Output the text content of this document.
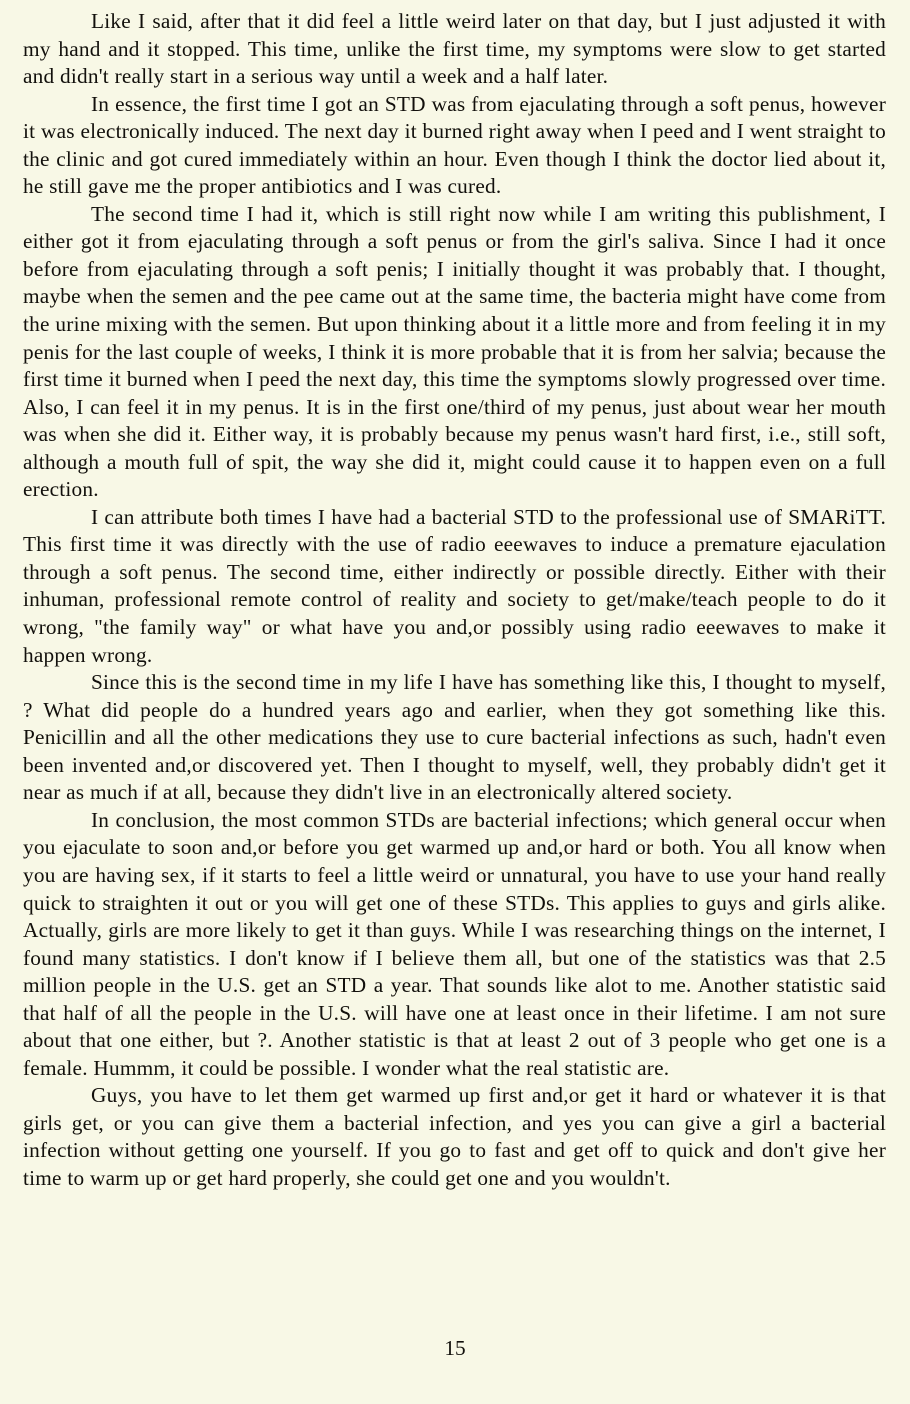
Like I said, after that it did feel a little weird later on that day, but I just adjusted it with my hand and it stopped. This time, unlike the first time, my symptoms were slow to get started and didn't really start in a serious way until a week and a half later.

In essence, the first time I got an STD was from ejaculating through a soft penus, however it was electronically induced. The next day it burned right away when I peed and I went straight to the clinic and got cured immediately within an hour. Even though I think the doctor lied about it, he still gave me the proper antibiotics and I was cured.

The second time I had it, which is still right now while I am writing this publishment, I either got it from ejaculating through a soft penus or from the girl's saliva. Since I had it once before from ejaculating through a soft penis; I initially thought it was probably that. I thought, maybe when the semen and the pee came out at the same time, the bacteria might have come from the urine mixing with the semen. But upon thinking about it a little more and from feeling it in my penis for the last couple of weeks, I think it is more probable that it is from her salvia; because the first time it burned when I peed the next day, this time the symptoms slowly progressed over time. Also, I can feel it in my penus. It is in the first one/third of my penus, just about wear her mouth was when she did it. Either way, it is probably because my penus wasn't hard first, i.e., still soft, although a mouth full of spit, the way she did it, might could cause it to happen even on a full erection.

I can attribute both times I have had a bacterial STD to the professional use of SMARiTT. This first time it was directly with the use of radio eeewaves to induce a premature ejaculation through a soft penus. The second time, either indirectly or possible directly. Either with their inhuman, professional remote control of reality and society to get/make/teach people to do it wrong, "the family way" or what have you and,or possibly using radio eeewaves to make it happen wrong.

Since this is the second time in my life I have has something like this, I thought to myself, ? What did people do a hundred years ago and earlier, when they got something like this. Penicillin and all the other medications they use to cure bacterial infections as such, hadn't even been invented and,or discovered yet. Then I thought to myself, well, they probably didn't get it near as much if at all, because they didn't live in an electronically altered society.

In conclusion, the most common STDs are bacterial infections; which general occur when you ejaculate to soon and,or before you get warmed up and,or hard or both. You all know when you are having sex, if it starts to feel a little weird or unnatural, you have to use your hand really quick to straighten it out or you will get one of these STDs. This applies to guys and girls alike. Actually, girls are more likely to get it than guys. While I was researching things on the internet, I found many statistics. I don't know if I believe them all, but one of the statistics was that 2.5 million people in the U.S. get an STD a year. That sounds like alot to me. Another statistic said that half of all the people in the U.S. will have one at least once in their lifetime. I am not sure about that one either, but ?. Another statistic is that at least 2 out of 3 people who get one is a female. Hummm, it could be possible. I wonder what the real statistic are.

Guys, you have to let them get warmed up first and,or get it hard or whatever it is that girls get, or you can give them a bacterial infection, and yes you can give a girl a bacterial infection without getting one yourself. If you go to fast and get off to quick and don't give her time to warm up or get hard properly, she could get one and you wouldn't.

15
